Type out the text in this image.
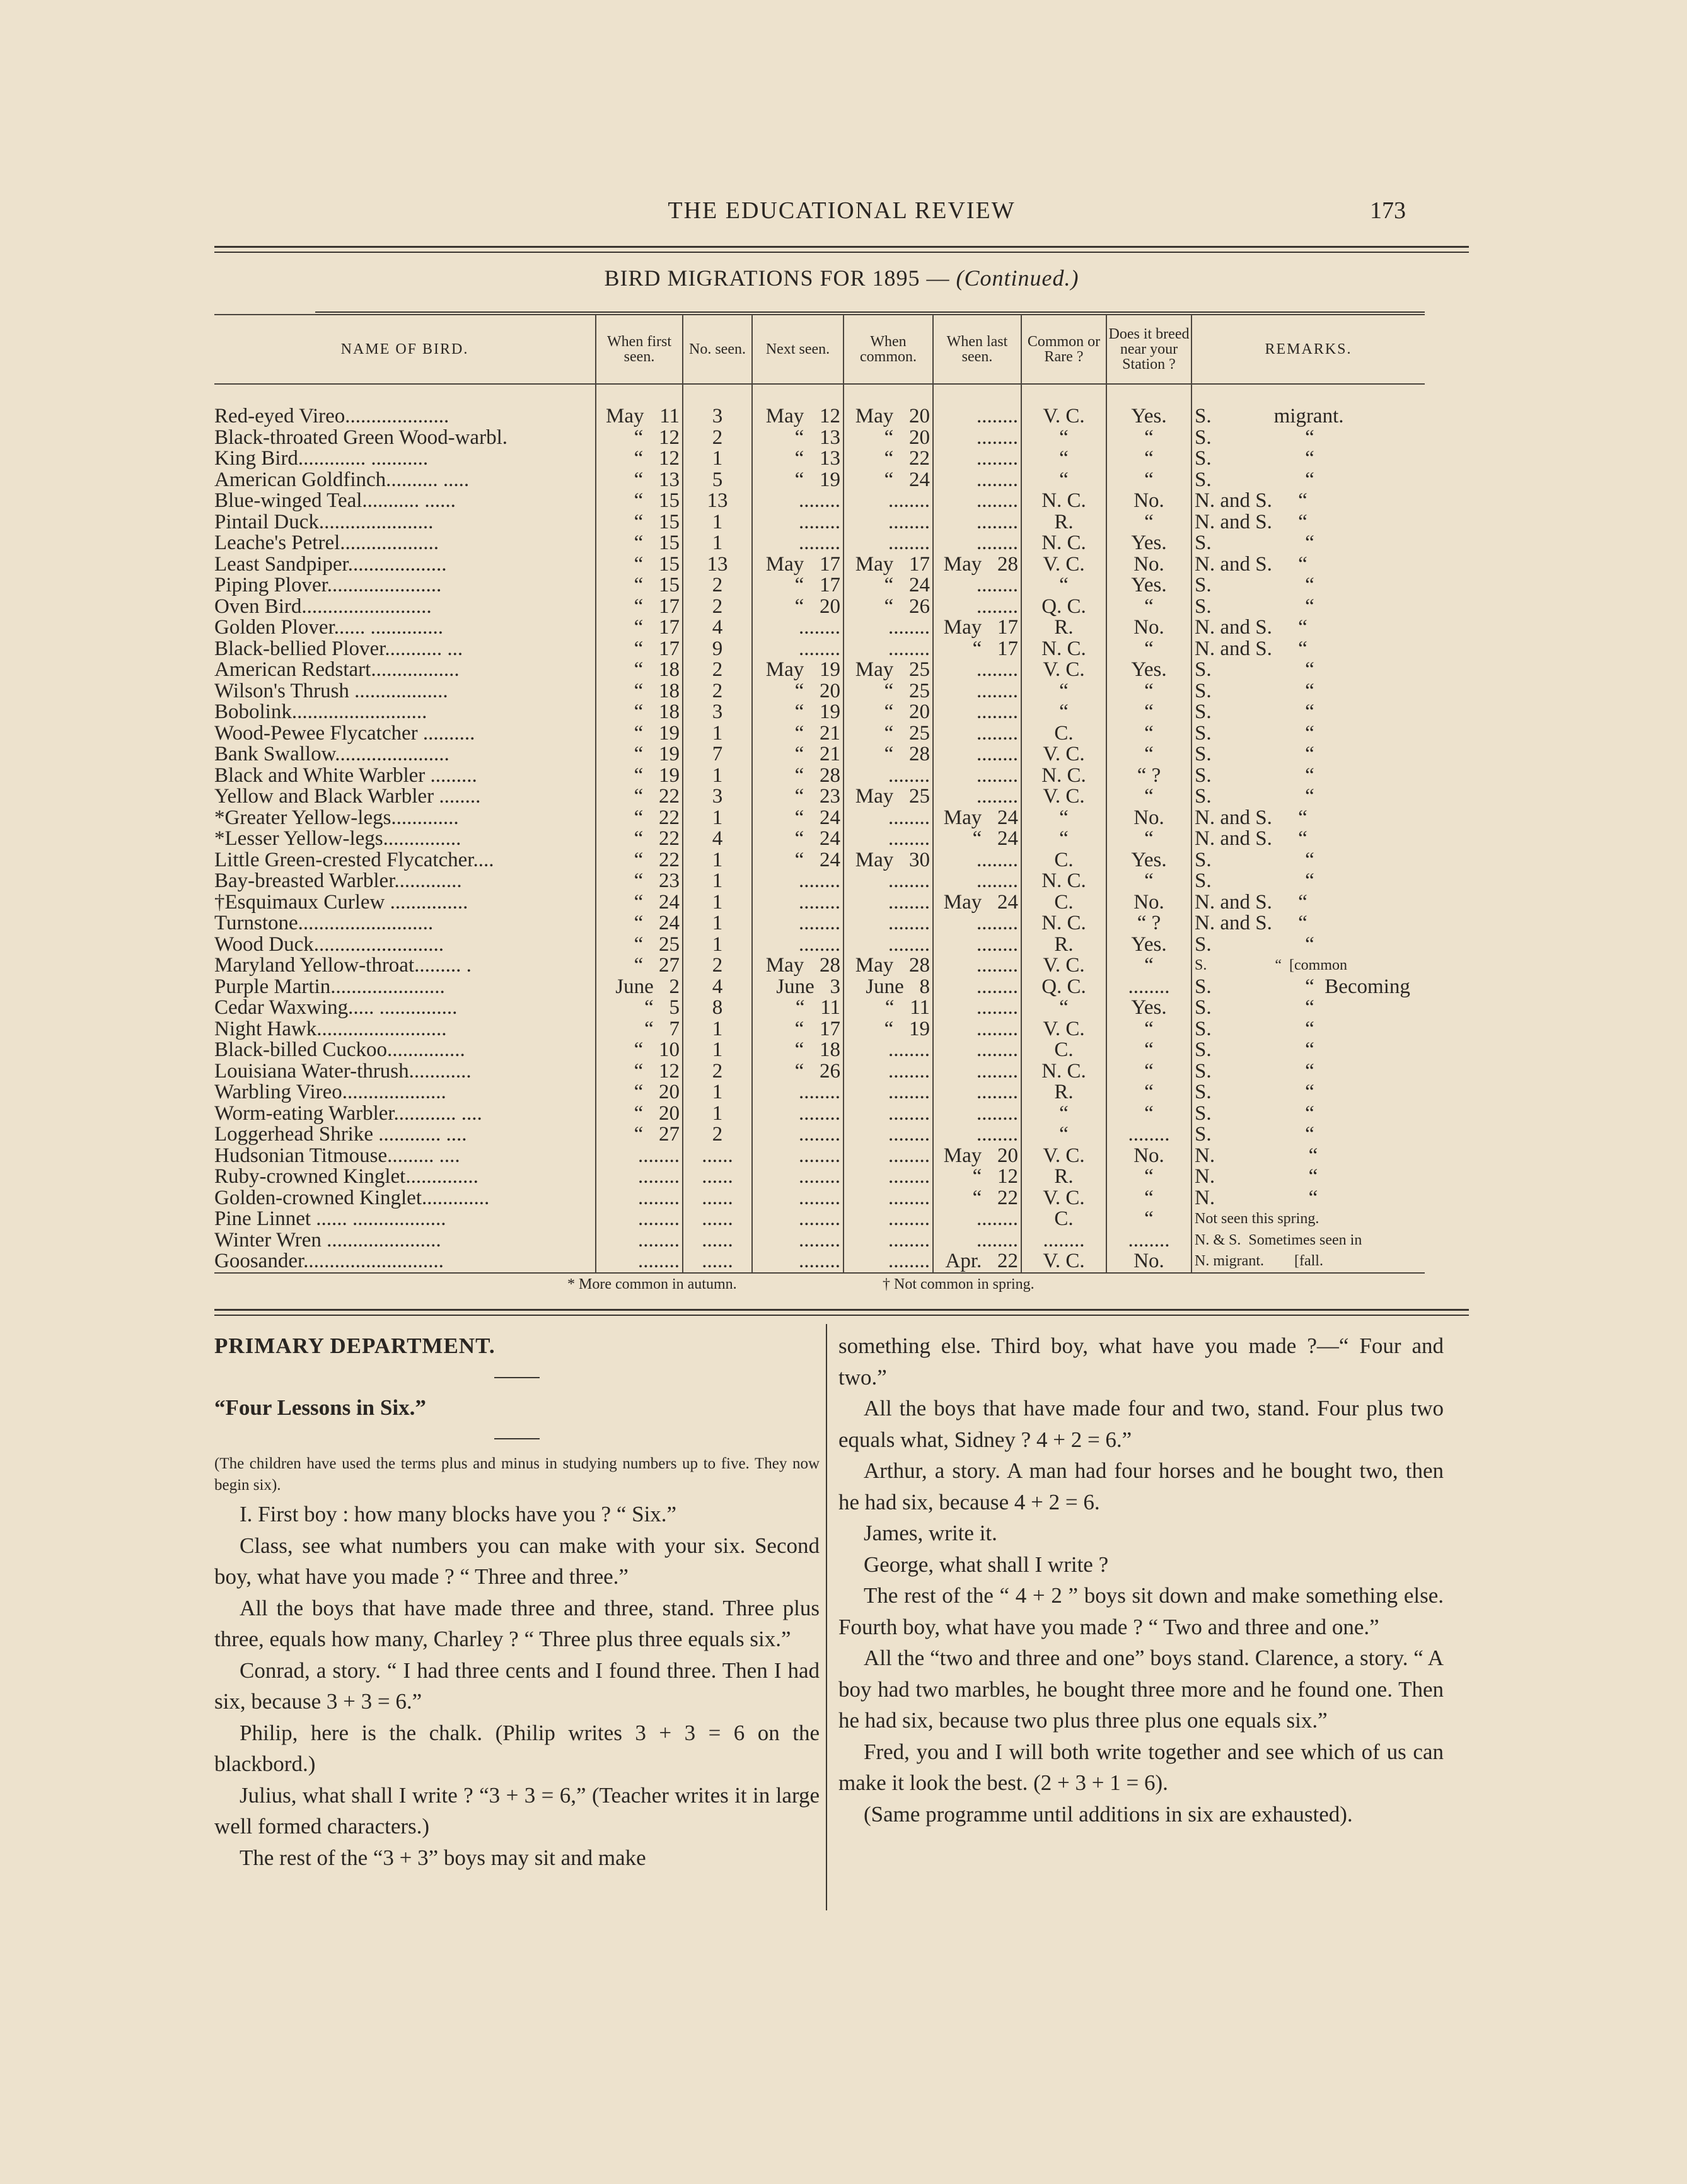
THE EDUCATIONAL REVIEW	173
BIRD MIGRATIONS FOR 1895 — (Continued.)
NAME OF BIRD.	When first seen.	No. seen.	Next seen.	When common.	When last seen.	Common or Rare ?	Does it breed near your Station ?	REMARKS.

Red-eyed Vireo....................	May   11	3	May   12	May   20	........	V. C.	Yes.	S.            migrant.
Black-throated Green Wood-warbl.	“   12	2	“   13	“   20	........	“	“	S.                  “
King Bird............. ...........	“   12	1	“   13	“   22	........	“	“	S.                  “
American Goldfinch.......... .....	“   13	5	“   19	“   24	........	“	“	S.                  “
Blue-winged Teal........... ......	“   15	13	........	........	........	N. C.	No.	N. and S.     “
Pintail Duck......................	“   15	1	........	........	........	R.	“	N. and S.     “
Leache's Petrel...................	“   15	1	........	........	........	N. C.	Yes.	S.                  “
Least Sandpiper...................	“   15	13	May   17	May   17	May   28	V. C.	No.	N. and S.     “
Piping Plover......................	“   15	2	“   17	“   24	........	“	Yes.	S.                  “
Oven Bird.........................	“   17	2	“   20	“   26	........	Q. C.	“	S.                  “
Golden Plover...... ..............	“   17	4	........	........	May   17	R.	No.	N. and S.     “
Black-bellied Plover........... ...	“   17	9	........	........	“   17	N. C.	“	N. and S.     “
American Redstart.................	“   18	2	May   19	May   25	........	V. C.	Yes.	S.                  “
Wilson's Thrush ..................	“   18	2	“   20	“   25	........	“	“	S.                  “
Bobolink..........................	“   18	3	“   19	“   20	........	“	“	S.                  “
Wood-Pewee Flycatcher ..........	“   19	1	“   21	“   25	........	C.	“	S.                  “
Bank Swallow......................	“   19	7	“   21	“   28	........	V. C.	“	S.                  “
Black and White Warbler .........	“   19	1	“   28	........	........	N. C.	“ ?	S.                  “
Yellow and Black Warbler ........	“   22	3	“   23	May   25	........	V. C.	“	S.                  “
*Greater Yellow-legs.............	“   22	1	“   24	........	May   24	“	No.	N. and S.     “
*Lesser Yellow-legs...............	“   22	4	“   24	........	“   24	“	“	N. and S.     “
Little Green-crested Flycatcher....	“   22	1	“   24	May   30	........	C.	Yes.	S.                  “
Bay-breasted Warbler.............	“   23	1	........	........	........	N. C.	“	S.                  “
†Esquimaux Curlew ...............	“   24	1	........	........	May   24	C.	No.	N. and S.     “
Turnstone..........................	“   24	1	........	........	........	N. C.	“ ?	N. and S.     “
Wood Duck.........................	“   25	1	........	........	........	R.	Yes.	S.                  “
Maryland Yellow-throat......... .	“   27	2	May   28	May   28	........	V. C.	“	S.                  “  [common
Purple Martin......................	June   2	4	June   3	June   8	........	Q. C.	........	S.                  “  Becoming
Cedar Waxwing..... ...............	“   5	8	“   11	“   11	........	“	Yes.	S.                  “
Night Hawk.........................	“   7	1	“   17	“   19	........	V. C.	“	S.                  “
Black-billed Cuckoo...............	“   10	1	“   18	........	........	C.	“	S.                  “
Louisiana Water-thrush............	“   12	2	“   26	........	........	N. C.	“	S.                  “
Warbling Vireo....................	“   20	1	........	........	........	R.	“	S.                  “
Worm-eating Warbler............ ....	“   20	1	........	........	........	“	“	S.                  “
Loggerhead Shrike ............ ....	“   27	2	........	........	........	“	........	S.                  “
Hudsonian Titmouse......... ....	........	......	........	........	May   20	V. C.	No.	N.                  “
Ruby-crowned Kinglet..............	........	......	........	........	“   12	R.	“	N.                  “
Golden-crowned Kinglet.............	........	......	........	........	“   22	V. C.	“	N.                  “
Pine Linnet ...... ..................	........	......	........	........	........	C.	“	Not seen this spring.
Winter Wren ......................	........	......	........	........	........	........	........	N. & S.  Sometimes seen in
Goosander...........................	........	......	........	........	Apr.   22	V. C.	No.	N. migrant.        [fall.
* More common in autumn.	† Not common in spring.

PRIMARY DEPARTMENT.

“Four Lessons in Six.”

(The children have used the terms plus and minus in studying numbers up to five. They now begin six).

I. First boy : how many blocks have you ? “ Six.”

Class, see what numbers you can make with your six. Second boy, what have you made ? “ Three and three.”

All the boys that have made three and three, stand. Three plus three, equals how many, Charley ? “ Three plus three equals six.”

Conrad, a story. “ I had three cents and I found three. Then I had six, because 3 + 3 = 6.”

Philip, here is the chalk. (Philip writes 3 + 3 = 6 on the blackbord.)

Julius, what shall I write ? “3 + 3 = 6,” (Teacher writes it in large well formed characters.)

The rest of the “3 + 3” boys may sit and make

something else. Third boy, what have you made ?—“ Four and two.”

All the boys that have made four and two, stand. Four plus two equals what, Sidney ? 4 + 2 = 6.”

Arthur, a story. A man had four horses and he bought two, then he had six, because 4 + 2 = 6.

James, write it.

George, what shall I write ?

The rest of the “ 4 + 2 ” boys sit down and make something else. Fourth boy, what have you made ? “ Two and three and one.”

All the “two and three and one” boys stand. Clarence, a story. “ A boy had two marbles, he bought three more and he found one. Then he had six, because two plus three plus one equals six.”

Fred, you and I will both write together and see which of us can make it look the best. (2 + 3 + 1 = 6).

(Same programme until additions in six are exhausted).
